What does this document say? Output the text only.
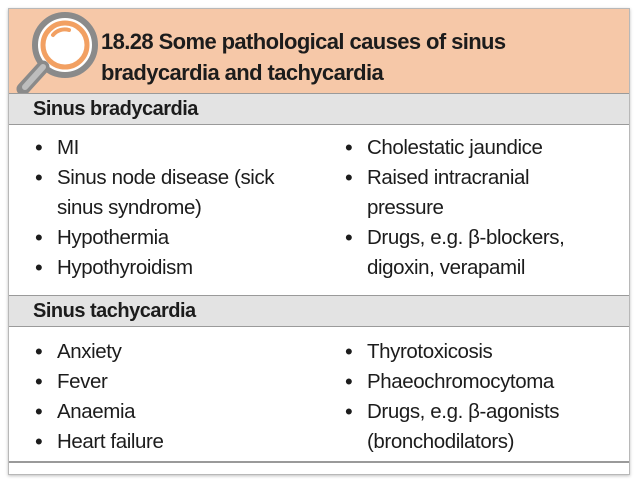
18.28 Some pathological causes of sinus
bradycardia and tachycardia
Sinus bradycardia
• MI
• Sinus node disease (sick
sinus syndrome)
• Hypothermia
• Hypothyroidism
• Cholestatic jaundice
• Raised intracranial
pressure
• Drugs, e.g. β-blockers,
digoxin, verapamil
Sinus tachycardia
• Anxiety
• Fever
• Anaemia
• Heart failure
• Thyrotoxicosis
• Phaeochromocytoma
• Drugs, e.g. β-agonists
(bronchodilators)
